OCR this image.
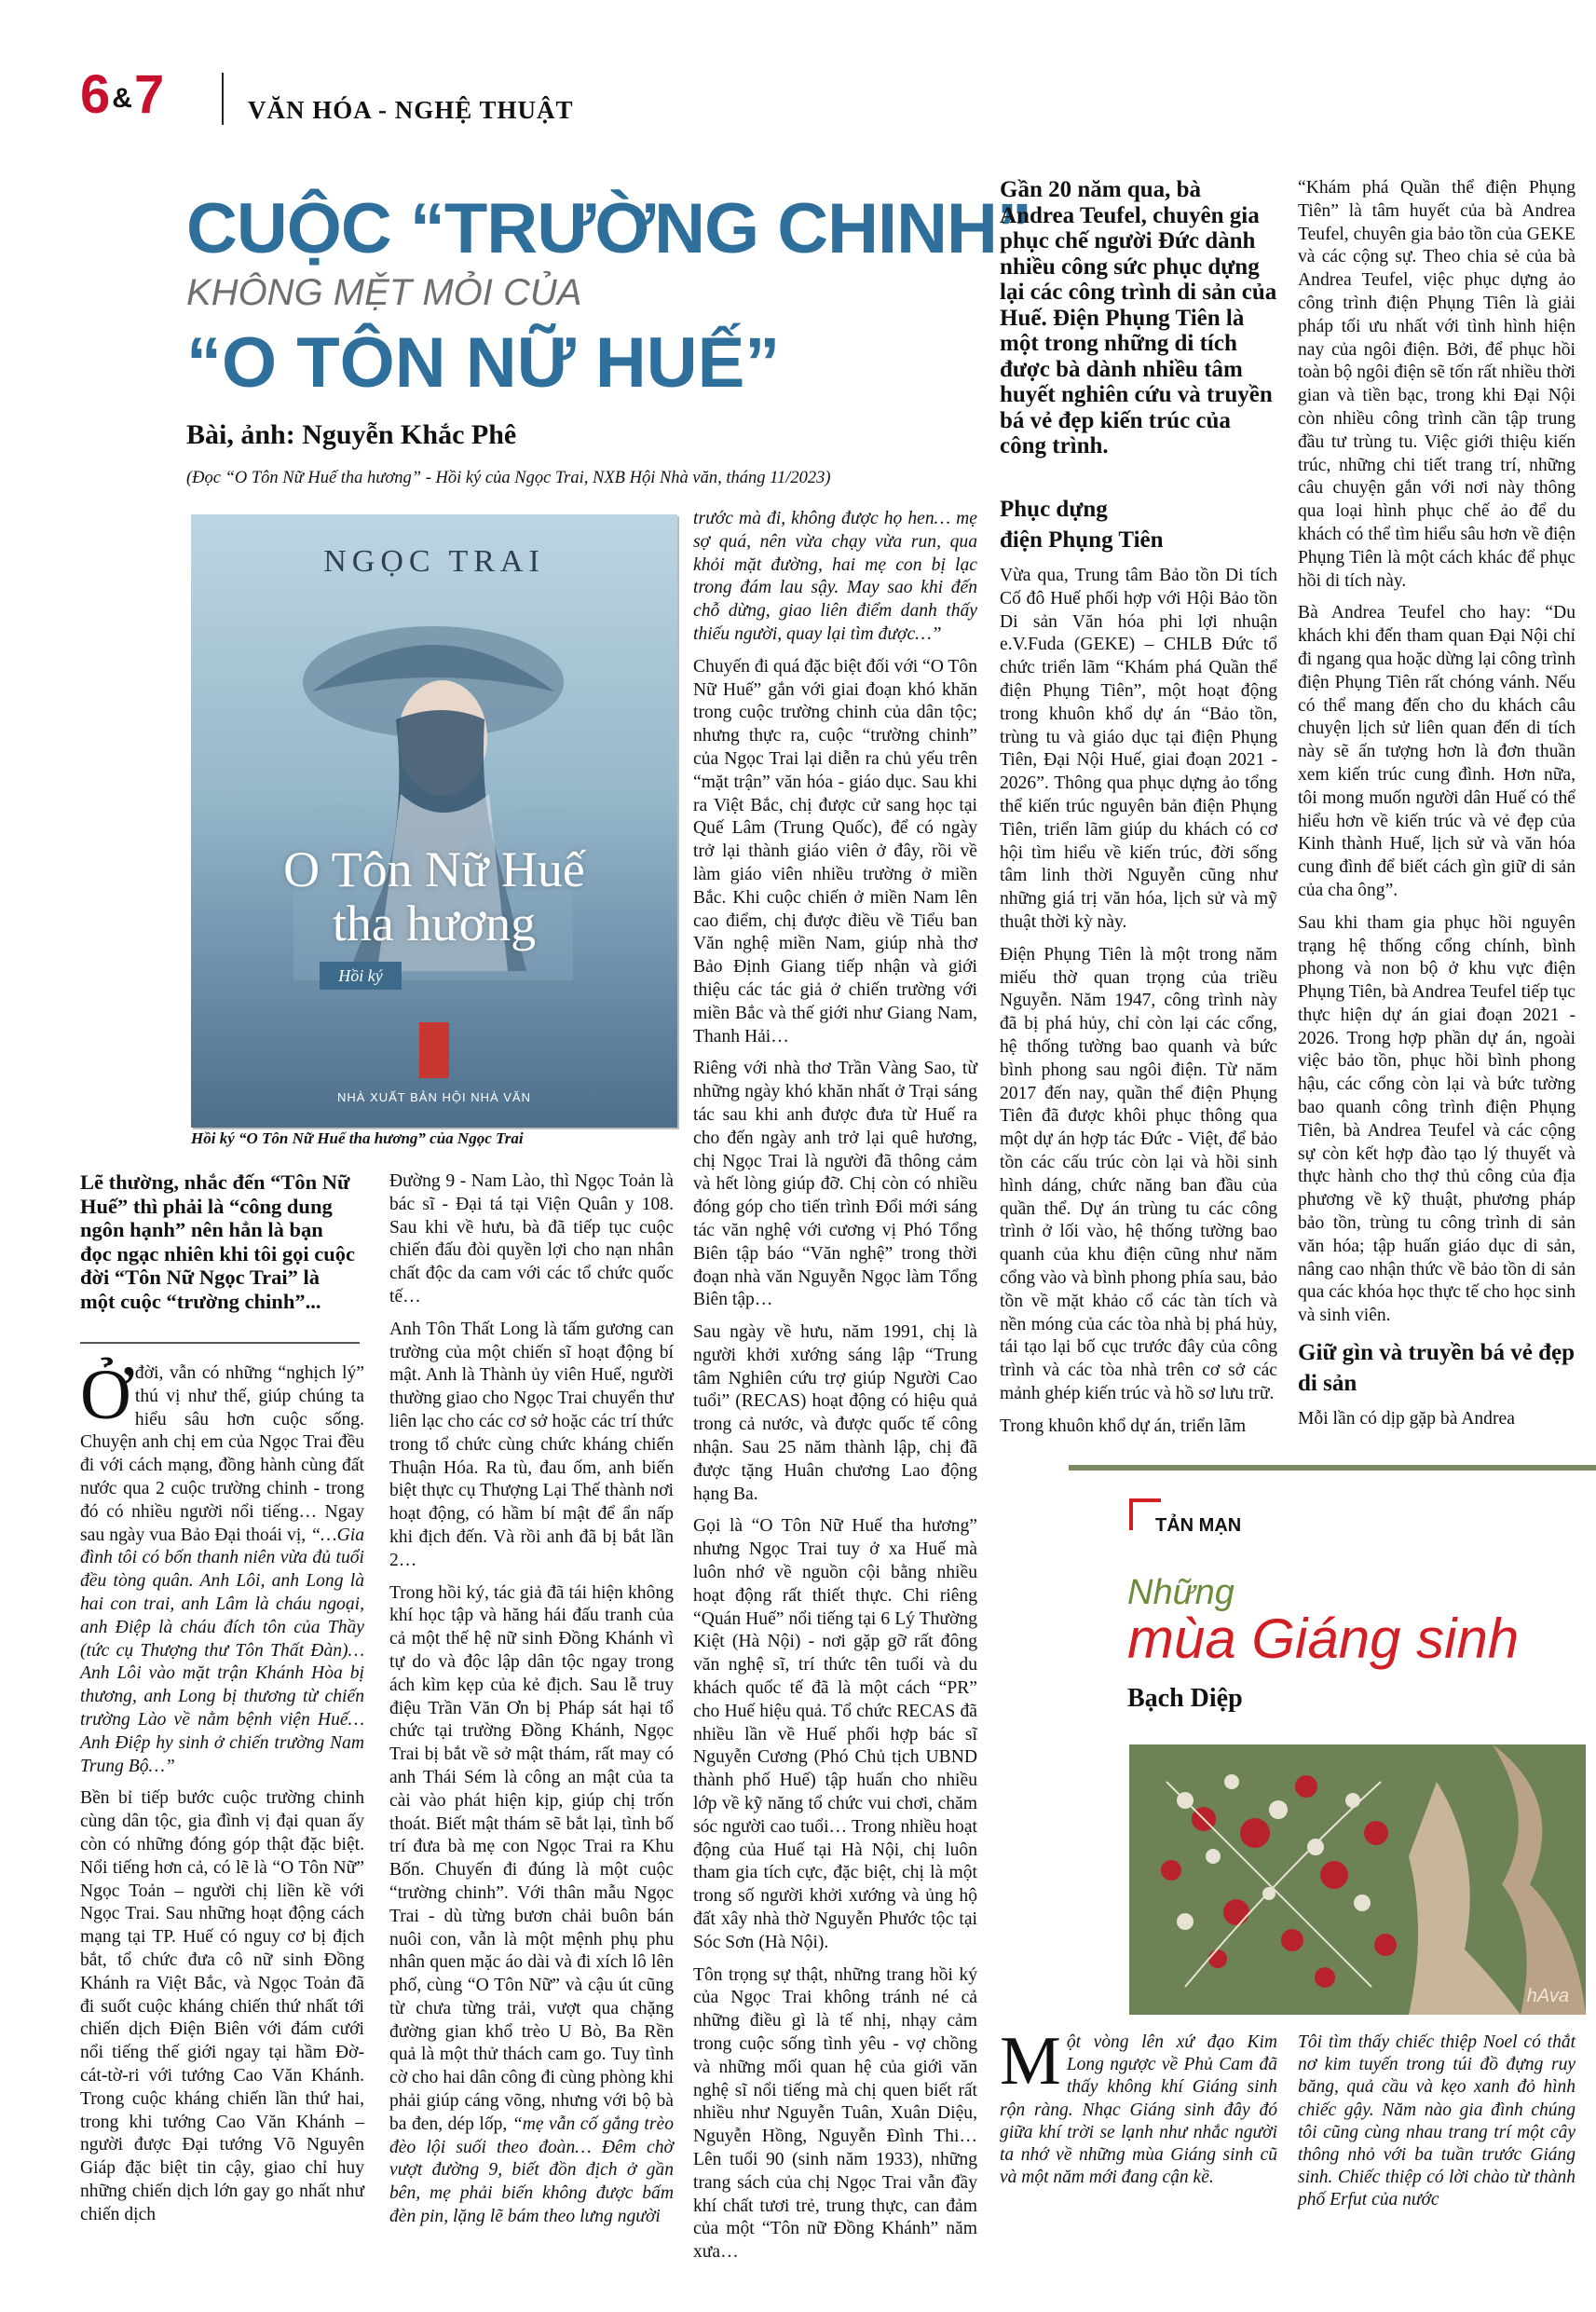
6&7	VĂN HÓA - NGHỆ THUẬT
CUỘC “TRƯỜNG CHINH”
KHÔNG MỆT MỎI CỦA
“O TÔN NỮ HUẾ”
Bài, ảnh: Nguyễn Khắc Phê
(Đọc “O Tôn Nữ Huế tha hương” - Hồi ký của Ngọc Trai, NXB Hội Nhà văn, tháng 11/2023)
Gần 20 năm qua, bà Andrea Teufel, chuyên gia phục chế người Đức dành nhiều công sức phục dựng lại các công trình di sản của Huế. Điện Phụng Tiên là một trong những di tích được bà dành nhiều tâm huyết nghiên cứu và truyền bá vẻ đẹp kiến trúc của công trình.
NGỌC TRAI
O Tôn Nữ Huế
tha hương
Hồi ký
NHÀ XUẤT BẢN HỘI NHÀ VĂN
Hồi ký “O Tôn Nữ Huế tha hương” của Ngọc Trai
Lẽ thường, nhắc đến “Tôn Nữ Huế” thì phải là “công dung ngôn hạnh” nên hẳn là bạn đọc ngạc nhiên khi tôi gọi cuộc đời “Tôn Nữ Ngọc Trai” là một cuộc “trường chinh”...

Ở đời, vẫn có những “nghịch lý” thú vị như thế, giúp chúng ta hiểu sâu hơn cuộc sống. Chuyện anh chị em của Ngọc Trai đều đi với cách mạng, đồng hành cùng đất nước qua 2 cuộc trường chinh - trong đó có nhiều người nổi tiếng… Ngay sau ngày vua Bảo Đại thoái vị, “…Gia đình tôi có bốn thanh niên vừa đủ tuổi đều tòng quân. Anh Lôi, anh Long là hai con trai, anh Lâm là cháu ngoại, anh Điệp là cháu đích tôn của Thầy (tức cụ Thượng thư Tôn Thất Đàn)… Anh Lôi vào mặt trận Khánh Hòa bị thương, anh Long bị thương từ chiến trường Lào về nằm bệnh viện Huế… Anh Điệp hy sinh ở chiến trường Nam Trung Bộ…”

Bền bỉ tiếp bước cuộc trường chinh cùng dân tộc, gia đình vị đại quan ấy còn có những đóng góp thật đặc biệt. Nổi tiếng hơn cả, có lẽ là “O Tôn Nữ” Ngọc Toản – người chị liền kề với Ngọc Trai. Sau những hoạt động cách mạng tại TP. Huế có nguy cơ bị địch bắt, tổ chức đưa cô nữ sinh Đồng Khánh ra Việt Bắc, và Ngọc Toản đã đi suốt cuộc kháng chiến thứ nhất tới chiến dịch Điện Biên với đám cưới nổi tiếng thế giới ngay tại hầm Đờ-cát-tờ-ri với tướng Cao Văn Khánh. Trong cuộc kháng chiến lần thứ hai, trong khi tướng Cao Văn Khánh – người được Đại tướng Võ Nguyên Giáp đặc biệt tin cậy, giao chỉ huy những chiến dịch lớn gay go nhất như chiến dịch

Đường 9 - Nam Lào, thì Ngọc Toản là bác sĩ - Đại tá tại Viện Quân y 108. Sau khi về hưu, bà đã tiếp tục cuộc chiến đấu đòi quyền lợi cho nạn nhân chất độc da cam với các tổ chức quốc tế…

Anh Tôn Thất Long là tấm gương can trường của một chiến sĩ hoạt động bí mật. Anh là Thành ủy viên Huế, người thường giao cho Ngọc Trai chuyển thư liên lạc cho các cơ sở hoặc các trí thức trong tổ chức cùng chức kháng chiến Thuận Hóa. Ra tù, đau ốm, anh biến biệt thực cụ Thượng Lại Thế thành nơi hoạt động, có hầm bí mật để ẩn nấp khi địch đến. Và rồi anh đã bị bắt lần 2…

Trong hồi ký, tác giả đã tái hiện không khí học tập và hăng hái đấu tranh của cả một thế hệ nữ sinh Đồng Khánh vì tự do và độc lập dân tộc ngay trong ách kìm kẹp của kẻ địch. Sau lễ truy điệu Trần Văn Ơn bị Pháp sát hại tổ chức tại trường Đồng Khánh, Ngọc Trai bị bắt về sở mật thám, rất may có anh Thái Sém là công an mật của ta cài vào phát hiện kịp, giúp chị trốn thoát. Biết mật thám sẽ bắt lại, tình bố trí đưa bà mẹ con Ngọc Trai ra Khu Bốn. Chuyến đi đúng là một cuộc “trường chinh”. Với thân mẫu Ngọc Trai - dù từng bươn chải buôn bán nuôi con, vẫn là một mệnh phụ phu nhân quen mặc áo dài và đi xích lô lên phố, cùng “O Tôn Nữ” và cậu út cũng từ chưa từng trải, vượt qua chặng đường gian khổ trèo U Bò, Ba Rền quả là một thử thách cam go. Tuy tình cờ cho hai dân công đi cùng phòng khi phải giúp cáng võng, nhưng với bộ bà ba đen, dép lốp, “mẹ vẫn cố gắng trèo đèo lội suối theo đoàn… Đêm chờ vượt đường 9, biết đồn địch ở gần bên, mẹ phải biến không được bấm đèn pin, lặng lẽ bám theo lưng người

trước mà đi, không được họ hen… mẹ sợ quá, nên vừa chạy vừa run, qua khỏi mặt đường, hai mẹ con bị lạc trong đám lau sậy. May sao khi đến chỗ dừng, giao liên điểm danh thấy thiếu người, quay lại tìm được…”

Chuyến đi quá đặc biệt đối với “O Tôn Nữ Huế” gắn với giai đoạn khó khăn trong cuộc trường chinh của dân tộc; nhưng thực ra, cuộc “trường chinh” của Ngọc Trai lại diễn ra chủ yếu trên “mặt trận” văn hóa - giáo dục. Sau khi ra Việt Bắc, chị được cử sang học tại Quế Lâm (Trung Quốc), để có ngày trở lại thành giáo viên ở đây, rồi về làm giáo viên nhiều trường ở miền Bắc. Khi cuộc chiến ở miền Nam lên cao điểm, chị được điều về Tiểu ban Văn nghệ miền Nam, giúp nhà thơ Bảo Định Giang tiếp nhận và giới thiệu các tác giả ở chiến trường với miền Bắc và thế giới như Giang Nam, Thanh Hải…

Riêng với nhà thơ Trần Vàng Sao, từ những ngày khó khăn nhất ở Trại sáng tác sau khi anh được đưa từ Huế ra cho đến ngày anh trở lại quê hương, chị Ngọc Trai là người đã thông cảm và hết lòng giúp đỡ. Chị còn có nhiều đóng góp cho tiến trình Đổi mới sáng tác văn nghệ với cương vị Phó Tổng Biên tập báo “Văn nghệ” trong thời đoạn nhà văn Nguyễn Ngọc làm Tổng Biên tập…

Sau ngày về hưu, năm 1991, chị là người khởi xướng sáng lập “Trung tâm Nghiên cứu trợ giúp Người Cao tuổi” (RECAS) hoạt động có hiệu quả trong cả nước, và được quốc tế công nhận. Sau 25 năm thành lập, chị đã được tặng Huân chương Lao động hạng Ba.

Gọi là “O Tôn Nữ Huế tha hương” nhưng Ngọc Trai tuy ở xa Huế mà luôn nhớ về nguồn cội bằng nhiều hoạt động rất thiết thực. Chi riêng “Quán Huế” nổi tiếng tại 6 Lý Thường Kiệt (Hà Nội) - nơi gặp gỡ rất đông văn nghệ sĩ, trí thức tên tuổi và du khách quốc tế đã là một cách “PR” cho Huế hiệu quả. Tổ chức RECAS đã nhiều lần về Huế phối hợp bác sĩ Nguyễn Cương (Phó Chủ tịch UBND thành phố Huế) tập huấn cho nhiều lớp về kỹ năng tổ chức vui chơi, chăm sóc người cao tuổi… Trong nhiều hoạt động của Huế tại Hà Nội, chị luôn tham gia tích cực, đặc biệt, chị là một trong số người khởi xướng và ủng hộ đất xây nhà thờ Nguyễn Phước tộc tại Sóc Sơn (Hà Nội).

Tôn trọng sự thật, những trang hồi ký của Ngọc Trai không tránh né cả những điều gì là tế nhị, nhạy cảm trong cuộc sống tình yêu - vợ chồng và những mối quan hệ của giới văn nghệ sĩ nổi tiếng mà chị quen biết rất nhiều như Nguyễn Tuân, Xuân Diệu, Nguyễn Hồng, Nguyễn Đình Thi… Lên tuổi 90 (sinh năm 1933), những trang sách của chị Ngọc Trai vẫn đầy khí chất tươi trẻ, trung thực, can đảm của một “Tôn nữ Đồng Khánh” năm xưa…

Phục dựng
điện Phụng Tiên

Vừa qua, Trung tâm Bảo tồn Di tích Cố đô Huế phối hợp với Hội Bảo tồn Di sản Văn hóa phi lợi nhuận e.V.Fuda (GEKE) – CHLB Đức tổ chức triển lãm “Khám phá Quần thể điện Phụng Tiên”, một hoạt động trong khuôn khổ dự án “Bảo tồn, trùng tu và giáo dục tại điện Phụng Tiên, Đại Nội Huế, giai đoạn 2021 - 2026”. Thông qua phục dựng ảo tổng thể kiến trúc nguyên bản điện Phụng Tiên, triển lãm giúp du khách có cơ hội tìm hiểu về kiến trúc, đời sống tâm linh thời Nguyễn cũng như những giá trị văn hóa, lịch sử và mỹ thuật thời kỳ này.

Điện Phụng Tiên là một trong năm miếu thờ quan trọng của triều Nguyễn. Năm 1947, công trình này đã bị phá hủy, chỉ còn lại các cổng, hệ thống tường bao quanh và bức bình phong sau ngôi điện. Từ năm 2017 đến nay, quần thể điện Phụng Tiên đã được khôi phục thông qua một dự án hợp tác Đức - Việt, để bảo tồn các cấu trúc còn lại và hồi sinh hình dáng, chức năng ban đầu của quần thể. Dự án trùng tu các công trình ở lối vào, hệ thống tường bao quanh của khu điện cũng như năm cổng vào và bình phong phía sau, bảo tồn về mặt khảo cổ các tàn tích và nền móng của các tòa nhà bị phá hủy, tái tạo lại bố cục trước đây của công trình và các tòa nhà trên cơ sở các mảnh ghép kiến trúc và hồ sơ lưu trữ.

Trong khuôn khổ dự án, triển lãm

“Khám phá Quần thể điện Phụng Tiên” là tâm huyết của bà Andrea Teufel, chuyên gia bảo tồn của GEKE và các cộng sự. Theo chia sẻ của bà Andrea Teufel, việc phục dựng ảo công trình điện Phụng Tiên là giải pháp tối ưu nhất với tình hình hiện nay của ngôi điện. Bởi, để phục hồi toàn bộ ngôi điện sẽ tốn rất nhiều thời gian và tiền bạc, trong khi Đại Nội còn nhiều công trình cần tập trung đầu tư trùng tu. Việc giới thiệu kiến trúc, những chi tiết trang trí, những câu chuyện gắn với nơi này thông qua loại hình phục chế ảo để du khách có thể tìm hiểu sâu hơn về điện Phụng Tiên là một cách khác để phục hồi di tích này.

Bà Andrea Teufel cho hay: “Du khách khi đến tham quan Đại Nội chỉ đi ngang qua hoặc dừng lại công trình điện Phụng Tiên rất chóng vánh. Nếu có thể mang đến cho du khách câu chuyện lịch sử liên quan đến di tích này sẽ ấn tượng hơn là đơn thuần xem kiến trúc cung đình. Hơn nữa, tôi mong muốn người dân Huế có thể hiểu hơn về kiến trúc và vẻ đẹp của Kinh thành Huế, lịch sử và văn hóa cung đình để biết cách gìn giữ di sản của cha ông”.

Sau khi tham gia phục hồi nguyên trạng hệ thống cổng chính, bình phong và non bộ ở khu vực điện Phụng Tiên, bà Andrea Teufel tiếp tục thực hiện dự án giai đoạn 2021 - 2026. Trong hợp phần dự án, ngoài việc bảo tồn, phục hồi bình phong hậu, các cổng còn lại và bức tường bao quanh công trình điện Phụng Tiên, bà Andrea Teufel và các cộng sự còn kết hợp đào tạo lý thuyết và thực hành cho thợ thủ công của địa phương về kỹ thuật, phương pháp bảo tồn, trùng tu công trình di sản văn hóa; tập huấn giáo dục di sản, nâng cao nhận thức về bảo tồn di sản qua các khóa học thực tế cho học sinh và sinh viên.

Giữ gìn và truyền bá vẻ đẹp di sản

Mỗi lần có dịp gặp bà Andrea

TẢN MẠN
Những
mùa Giáng sinh
Bạch Diệp
hAva
Một vòng lên xứ đạo Kim Long ngược về Phủ Cam đã thấy không khí Giáng sinh rộn ràng. Nhạc Giáng sinh đây đó giữa khí trời se lạnh như nhắc người ta nhớ về những mùa Giáng sinh cũ và một năm mới đang cận kề.
Tôi tìm thấy chiếc thiệp Noel có thắt nơ kim tuyến trong túi đồ đựng ruy băng, quả cầu và kẹo xanh đỏ hình chiếc gậy. Năm nào gia đình chúng tôi cũng cùng nhau trang trí một cây thông nhỏ với ba tuần trước Giáng sinh. Chiếc thiệp có lời chào từ thành phố Erfut của nước
